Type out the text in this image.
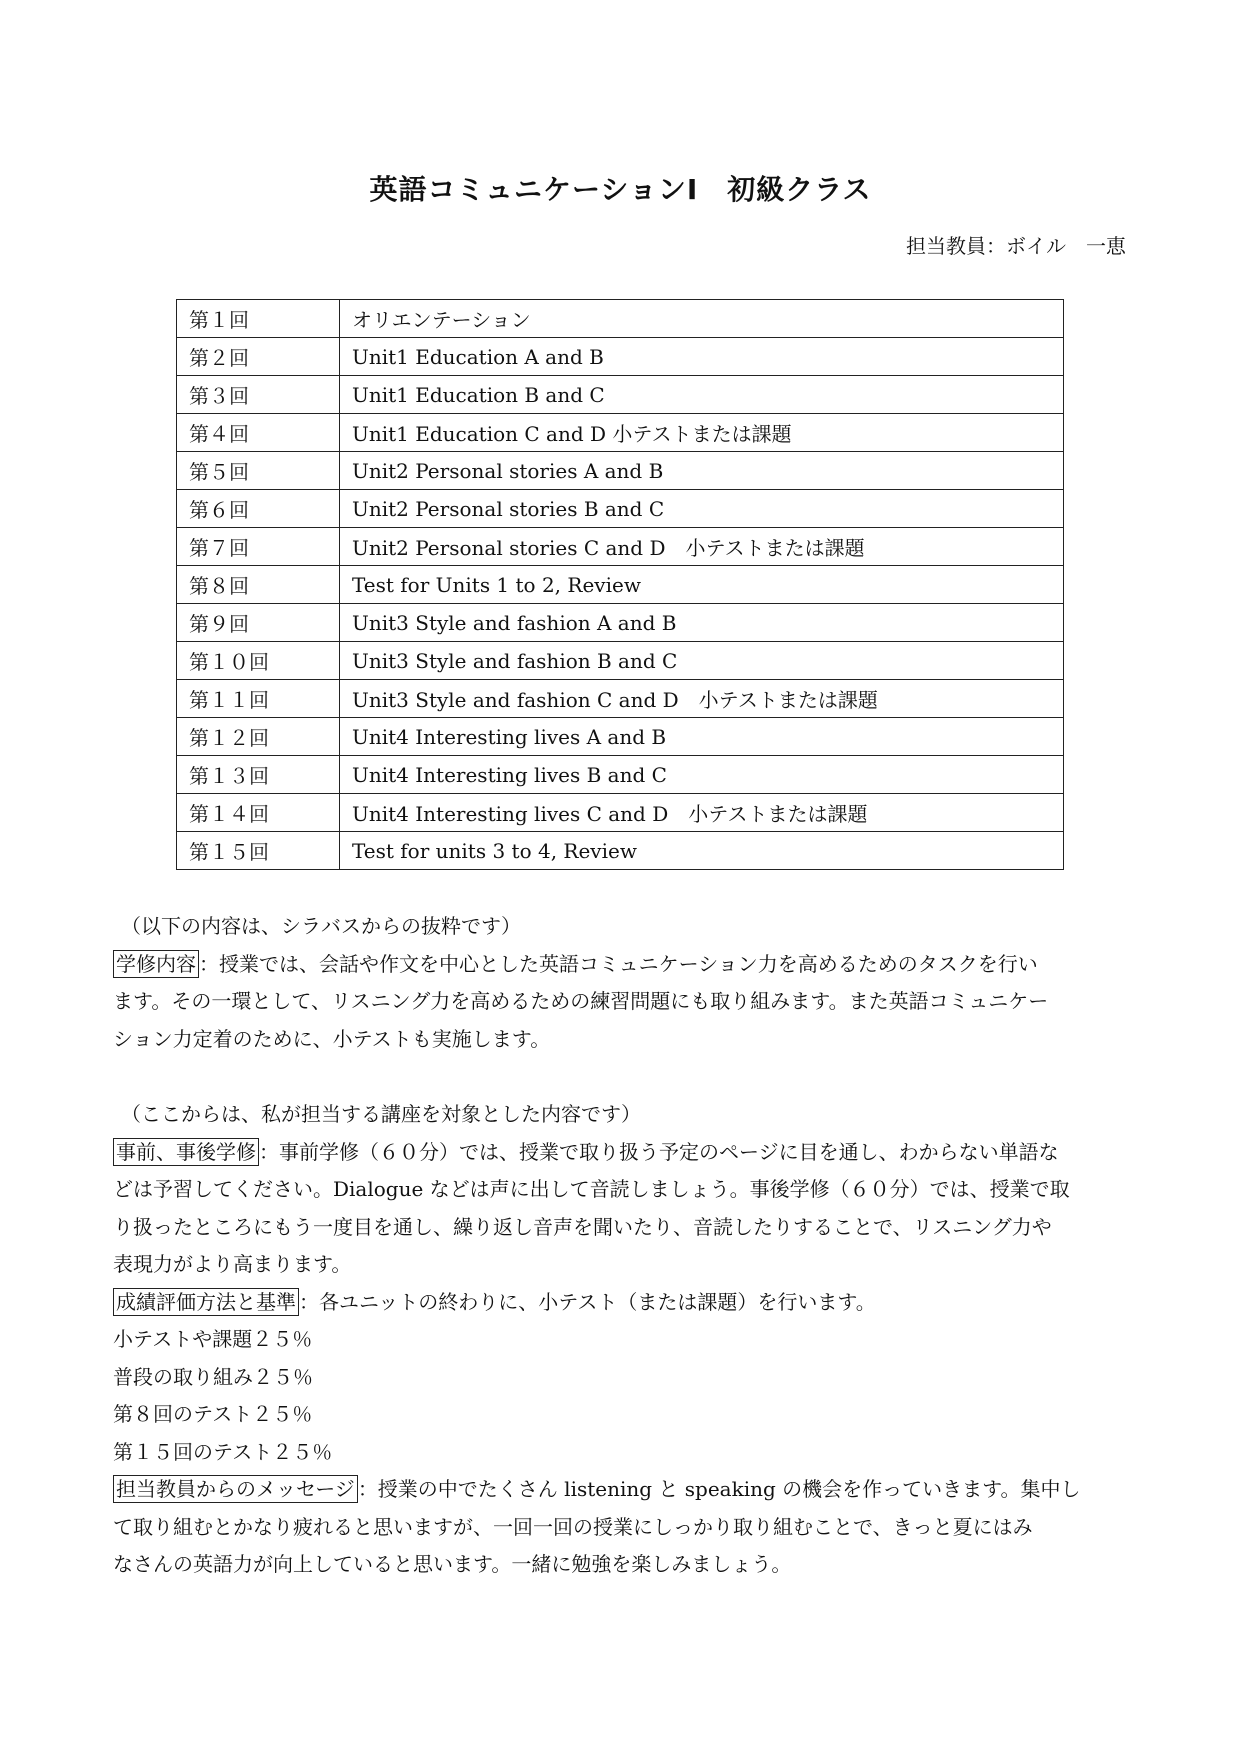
英語コミュニケーションⅠ　初級クラス
担当教員：ボイル　一恵
第１回	オリエンテーション
第２回	Unit1 Education A and B
第３回	Unit1 Education B and C
第４回	Unit1 Education C and D 小テストまたは課題
第５回	Unit2 Personal stories A and B
第６回	Unit2 Personal stories B and C
第７回	Unit2 Personal stories C and D　小テストまたは課題
第８回	Test for Units 1 to 2, Review
第９回	Unit3 Style and fashion A and B
第１０回	Unit3 Style and fashion B and C
第１１回	Unit3 Style and fashion C and D　小テストまたは課題
第１２回	Unit4 Interesting lives A and B
第１３回	Unit4 Interesting lives B and C
第１４回	Unit4 Interesting lives C and D　小テストまたは課題
第１５回	Test for units 3 to 4, Review

（以下の内容は、シラバスからの抜粋です）

学修内容 ：授業では、会話や作文を中心とした英語コミュニケーション力を高めるためのタスクを行い

ます。その一環として、リスニング力を高めるための練習問題にも取り組みます。また英語コミュニケー

ション力定着のために、小テストも実施します。

（ここからは、私が担当する講座を対象とした内容です）

事前、事後学修 ：事前学修（６０分）では、授業で取り扱う予定のページに目を通し、わからない単語な

どは予習してください。Dialogue などは声に出して音読しましょう。事後学修（６０分）では、授業で取

り扱ったところにもう一度目を通し、繰り返し音声を聞いたり、音読したりすることで、リスニング力や

表現力がより高まります。

成績評価方法と基準 ：各ユニットの終わりに、小テスト（または課題）を行います。

小テストや課題２５％

普段の取り組み２５％

第８回のテスト２５％

第１５回のテスト２５％

担当教員からのメッセージ ：授業の中でたくさん listening と speaking の機会を作っていきます。集中し

て取り組むとかなり疲れると思いますが、一回一回の授業にしっかり取り組むことで、きっと夏にはみ

なさんの英語力が向上していると思います。一緒に勉強を楽しみましょう。
